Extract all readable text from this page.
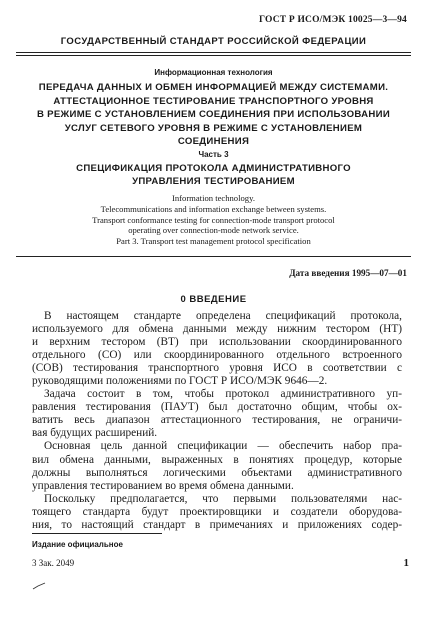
ГОСТ Р ИСО/МЭК 10025—3—94
ГОСУДАРСТВЕННЫЙ СТАНДАРТ РОССИЙСКОЙ ФЕДЕРАЦИИ
Информационная технология
ПЕРЕДАЧА ДАННЫХ И ОБМЕН ИНФОРМАЦИЕЙ МЕЖДУ СИСТЕМАМИ.
АТТЕСТАЦИОННОЕ ТЕСТИРОВАНИЕ ТРАНСПОРТНОГО УРОВНЯ
В РЕЖИМЕ С УСТАНОВЛЕНИЕМ СОЕДИНЕНИЯ ПРИ ИСПОЛЬЗОВАНИИ
УСЛУГ СЕТЕВОГО УРОВНЯ В РЕЖИМЕ С УСТАНОВЛЕНИЕМ
СОЕДИНЕНИЯ
Часть 3
СПЕЦИФИКАЦИЯ ПРОТОКОЛА АДМИНИСТРАТИВНОГО
УПРАВЛЕНИЯ ТЕСТИРОВАНИЕМ
Information technology.
Telecommunications and information exchange between systems.
Transport conformance testing for connection-mode transport protocol
operating over connection-mode network service.
Part 3. Transport test management protocol specification
Дата введения 1995—07—01
0 ВВЕДЕНИЕ
В настоящем стандарте определена спецификаций протокола,
используемого для обмена данными между нижним тестором (НТ)
и верхним тестором (ВТ) при использовании скоординированного
отдельного (СО) или скоординированного отдельного встроенного
(СОВ) тестирования транспортного уровня ИСО в соответствии с
руководящими положениями по ГОСТ Р ИСО/МЭК 9646—2.
Задача состоит в том, чтобы протокол административного уп-
равления тестирования (ПАУТ) был достаточно общим, чтобы ох-
ватить весь диапазон аттестационного тестирования, не ограничи-
вая будущих расширений.
Основная цель данной спецификации — обеспечить набор пра-
вил обмена данными, выраженных в понятиях процедур, которые
должны выполняться логическими объектами административного
управления тестированием во время обмена данными.
Поскольку предполагается, что первыми пользователями нас-
тоящего стандарта будут проектировщики и создатели оборудова-
ния, то настоящий стандарт в примечаниях и приложениях содер-
Издание официальное
3 Зак. 2049	1
